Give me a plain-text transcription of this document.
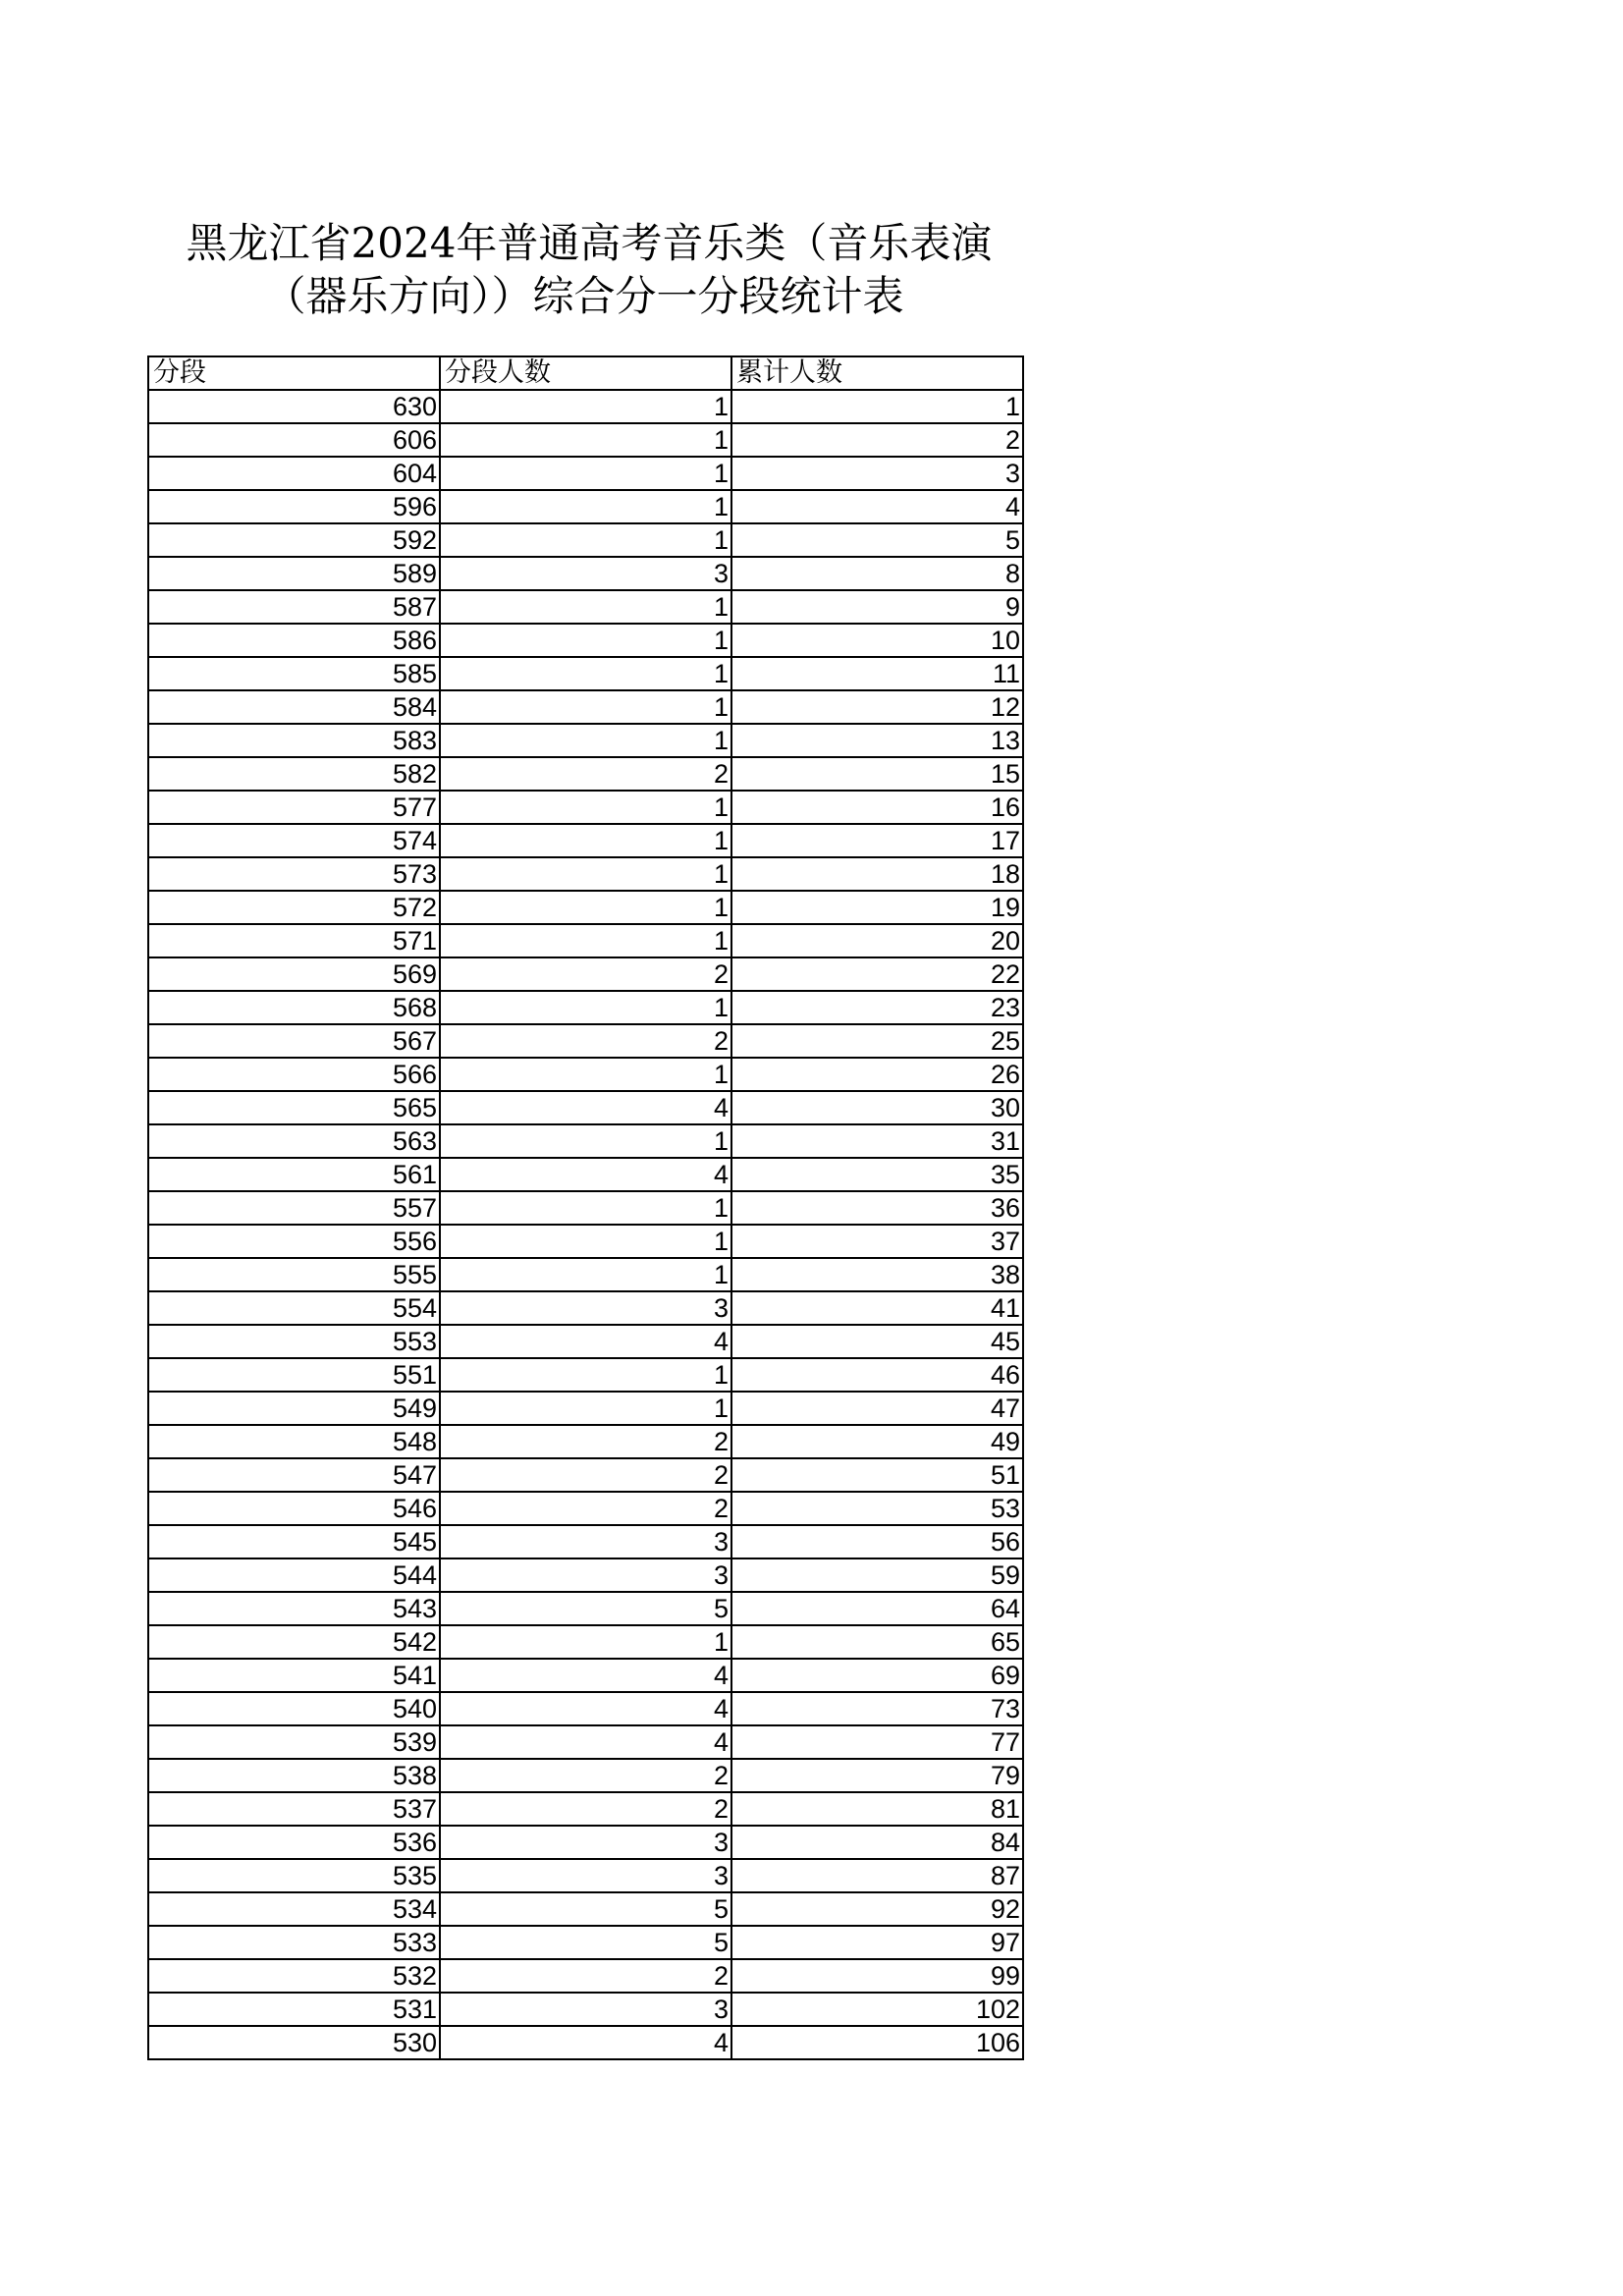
黑龙江省2024年普通高考音乐类（音乐表演
（器乐方向））综合分一分段统计表
分段	分段人数	累计人数
630	1	1
606	1	2
604	1	3
596	1	4
592	1	5
589	3	8
587	1	9
586	1	10
585	1	11
584	1	12
583	1	13
582	2	15
577	1	16
574	1	17
573	1	18
572	1	19
571	1	20
569	2	22
568	1	23
567	2	25
566	1	26
565	4	30
563	1	31
561	4	35
557	1	36
556	1	37
555	1	38
554	3	41
553	4	45
551	1	46
549	1	47
548	2	49
547	2	51
546	2	53
545	3	56
544	3	59
543	5	64
542	1	65
541	4	69
540	4	73
539	4	77
538	2	79
537	2	81
536	3	84
535	3	87
534	5	92
533	5	97
532	2	99
531	3	102
530	4	106
